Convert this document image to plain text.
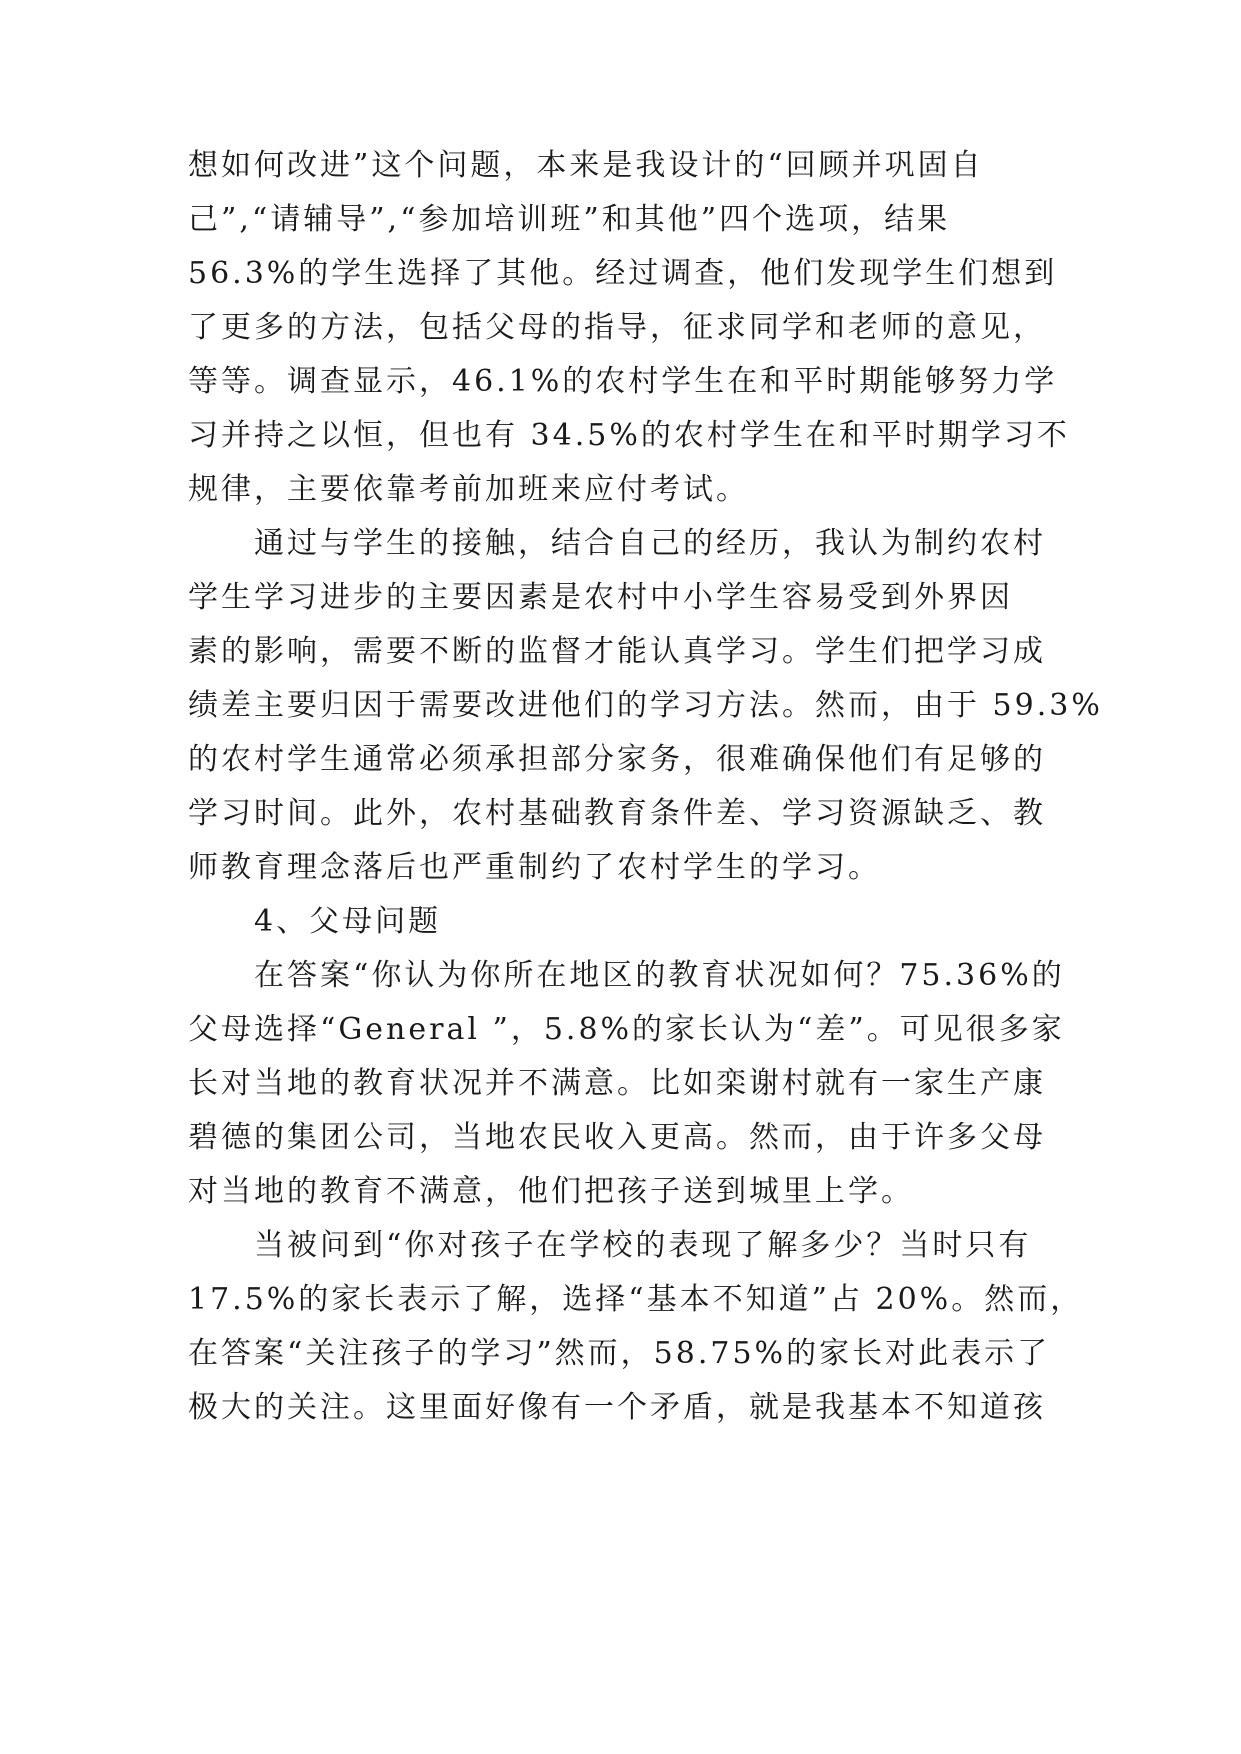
想如何改进”这个问题，本来是我设计的“回顾并巩固自
己”,“请辅导”,“参加培训班”和其他”四个选项，结果
56.3%的学生选择了其他。经过调查，他们发现学生们想到
了更多的方法，包括父母的指导，征求同学和老师的意见，
等等。调查显示，46.1%的农村学生在和平时期能够努力学
习并持之以恒，但也有 34.5%的农村学生在和平时期学习不
规律，主要依靠考前加班来应付考试。
通过与学生的接触，结合自己的经历，我认为制约农村
学生学习进步的主要因素是农村中小学生容易受到外界因
素的影响，需要不断的监督才能认真学习。学生们把学习成
绩差主要归因于需要改进他们的学习方法。然而，由于 59.3%
的农村学生通常必须承担部分家务，很难确保他们有足够的
学习时间。此外，农村基础教育条件差、学习资源缺乏、教
师教育理念落后也严重制约了农村学生的学习。
4、父母问题
在答案“你认为你所在地区的教育状况如何？75.36%的
父母选择“General ”，5.8%的家长认为“差”。可见很多家
长对当地的教育状况并不满意。比如栾谢村就有一家生产康
碧德的集团公司，当地农民收入更高。然而，由于许多父母
对当地的教育不满意，他们把孩子送到城里上学。
当被问到“你对孩子在学校的表现了解多少？当时只有
17.5%的家长表示了解，选择“基本不知道”占 20%。然而，
在答案“关注孩子的学习”然而，58.75%的家长对此表示了
极大的关注。这里面好像有一个矛盾，就是我基本不知道孩
